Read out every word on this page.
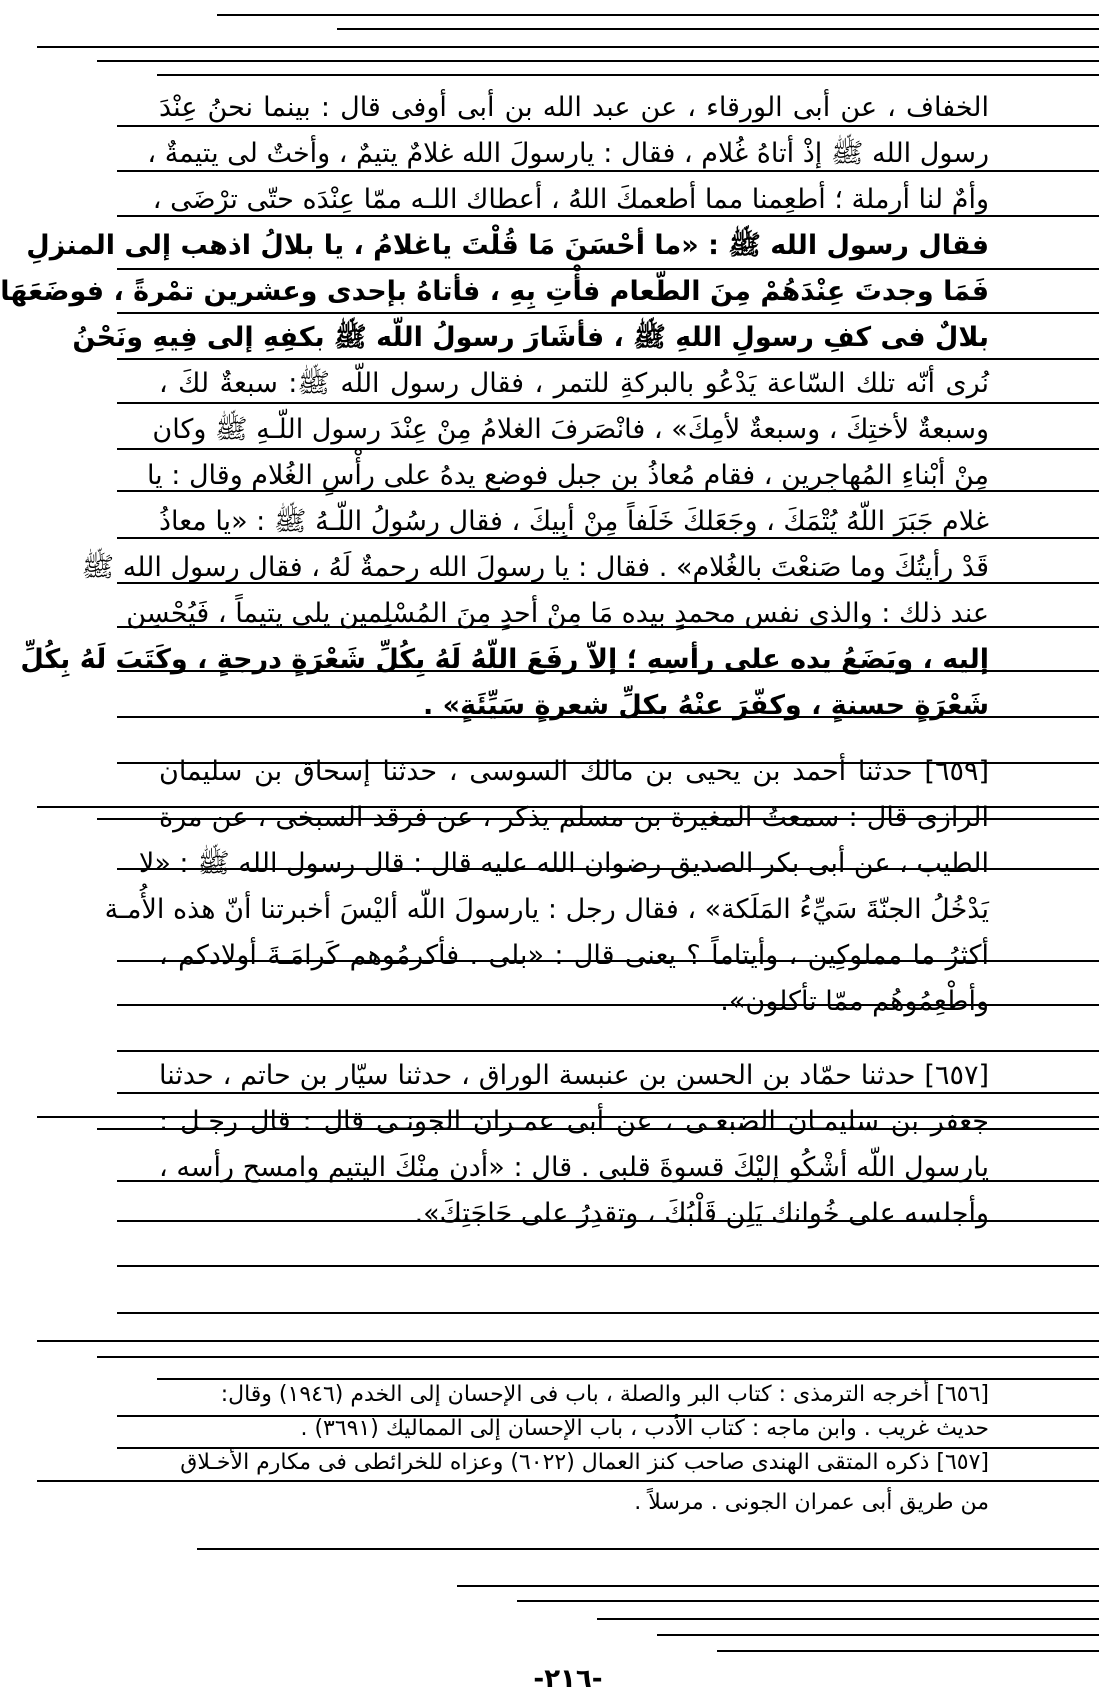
الخفاف ، عن أبى الورقاء ، عن عبد الله بن أبى أوفى قال : بينما نحنُ عِنْدَ
رسول الله ﷺ إذْ أتاهُ غُلام ، فقال : يارسولَ الله غلامٌ يتيمٌ ، وأختٌ لى يتيمةٌ ،
وأمٌ لنا أرملة ؛ أطعِمنا مما أطعمكَ اللهُ ، أعطاك اللـه ممّا عِنْدَه حتّى ترْضَى ،
فقال رسول الله ﷺ : «ما أحْسَنَ مَا قُلْتَ ياغلامُ ، يا بلالُ اذهب إلى المنزلِ
فَمَا وجدتَ عِنْدَهُمْ مِنَ الطّعام فأْتِ بِهِ ، فأتاهُ بإحدى وعشرين تمْرةً ، فوضَعَهَا
بلالٌ فى كفِ رسولِ اللهِ ﷺ ، فأشَارَ رسولُ اللّه ﷺ بكفِهِ إلى فِيهِ ونَحْنُ
نُرى أنّه تلك السّاعة يَدْعُو بالبركةِ للتمر ، فقال رسول اللّه ﷺ: سبعةٌ لكَ ،
وسبعةٌ لأختِكَ ، وسبعةٌ لأمِكَ» ، فانْصَرفَ الغلامُ مِنْ عِنْدَ رسول اللّـهِ ﷺ وكان
مِنْ أبْناءِ المُهاجِرين ، فقام مُعاذُ بن جبل فوضع يدهُ على رأْسِ الغُلام وقال : يا
غلام جَبَرَ اللّهُ يُتْمَكَ ، وجَعَلكَ خَلَفاً مِنْ أبِيكَ ، فقال رسُولُ اللّـهُ ﷺ : «يا معاذُ
قَدْ رأيتُكَ وما صَنعْتَ بالغُلام» . فقال : يا رسولَ الله رحمةٌ لَهُ ، فقال رسول الله ﷺ
عند ذلك : والذى نفس محمدٍ بيده مَا مِنْ أحدٍ مِنَ المُسْلِمين يلى يتيماً ، فَيُحْسِن
إليه ، ويَضَعُ يده على رأسِهِ ؛ إلاّ رفَعَ اللّهُ لَهُ بِكُلِّ شَعْرَةٍ درجةٍ ، وكَتَبَ لَهُ بِكُلِّ
شَعْرَةٍ حسنةٍ ، وكفّرَ عنْهُ بكلِّ شعرةٍ سَيِّئَةٍ» .
[٦٥٩] حدثنا أحمد بن يحيى بن مالك السوسى ، حدثنا إسحاق بن سليمان
الرازى قال : سمعتُ المغيرة بن مسلم يذكر ، عن فرقد السبخى ، عن مرة
الطيب ، عن أبى بكر الصديق رضوان الله عليه قال : قال رسول الله ﷺ : «لا
يَدْخُلُ الجنّةَ سَيِّءُ المَلَكة» ، فقال رجل : يارسولَ اللّه أليْسَ أخبرتنا أنّ هذه الأُمـة
أكثرُ ما مملوكِين ، وأيتاماً ؟ يعنى قال : «بلى . فأكرمُوهم كَرامَـةَ أولادكم ،
وأطْعِمُوهُم ممّا تأكلون».
[٦٥٧] حدثنا حمّاد بن الحسن بن عنبسة الوراق ، حدثنا سيّار بن حاتم ، حدثنا
جعفر بن سليمـان الضبعـى ، عن أبى عمـران الجونـى قال : قال رجـل :
يارسول اللّه أشْكُو إليْكَ قسوةَ قلبى . قال : «أدن مِنْكَ اليتيم وامسح رأسه ،
وأجلسه على خُوانك يَلِن قَلْبُكَ ، وتقدِرُ على حَاجَتِكَ».
[٦٥٦] أخرجه الترمذى : كتاب البر والصلة ، باب فى الإحسان إلى الخدم (١٩٤٦) وقال:
حديث غريب . وابن ماجه : كتاب الأدب ، باب الإحسان إلى المماليك (٣٦٩١) .
[٦٥٧] ذكره المتقى الهندى صاحب كنز العمال (٦٠٢٢) وعزاه للخرائطى فى مكارم الأخـلاق
من طريق أبى عمران الجونى . مرسلاً .
-٢١٦-
